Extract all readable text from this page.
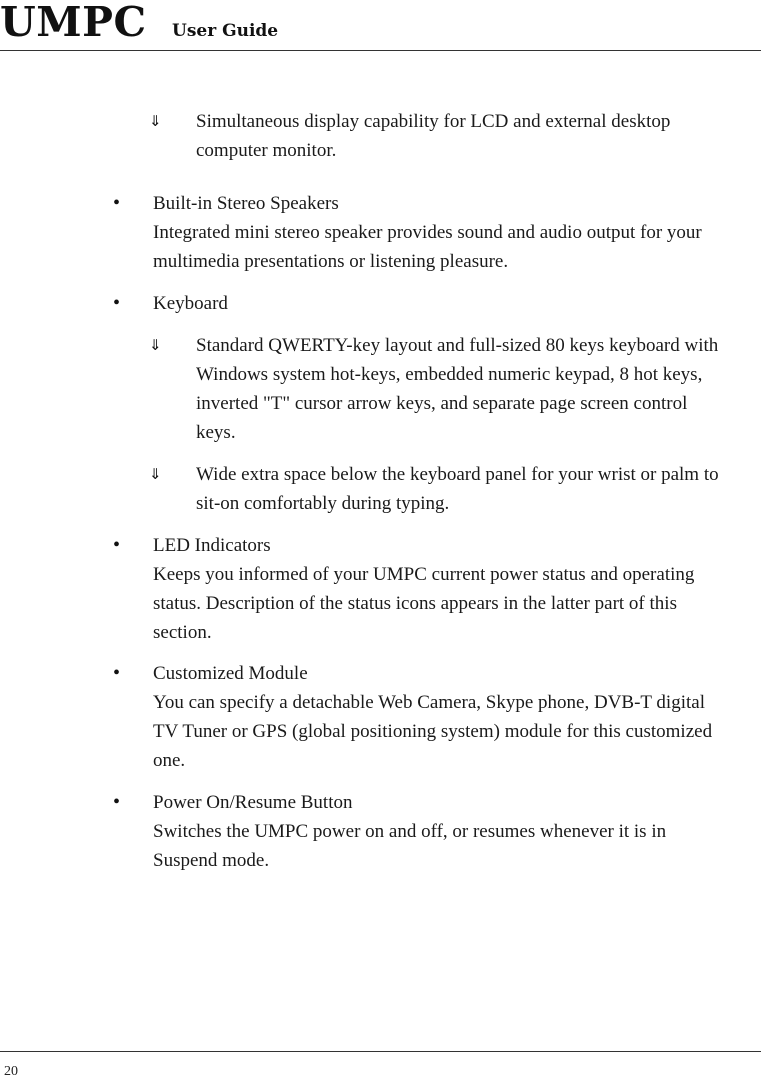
UMPC User Guide
⇓ Simultaneous display capability for LCD and external desktop
computer monitor.
• Built-in Stereo Speakers
Integrated mini stereo speaker provides sound and audio output for your
multimedia presentations or listening pleasure.
• Keyboard
⇓ Standard QWERTY-key layout and full-sized 80 keys keyboard with
Windows system hot-keys, embedded numeric keypad, 8 hot keys,
inverted "T" cursor arrow keys, and separate page screen control
keys.
⇓ Wide extra space below the keyboard panel for your wrist or palm to
sit-on comfortably during typing.
• LED Indicators
Keeps you informed of your UMPC current power status and operating
status. Description of the status icons appears in the latter part of this
section.
• Customized Module
You can specify a detachable Web Camera, Skype phone, DVB-T digital
TV Tuner or GPS (global positioning system) module for this customized
one.
• Power On/Resume Button
Switches the UMPC power on and off, or resumes whenever it is in
Suspend mode.
20
